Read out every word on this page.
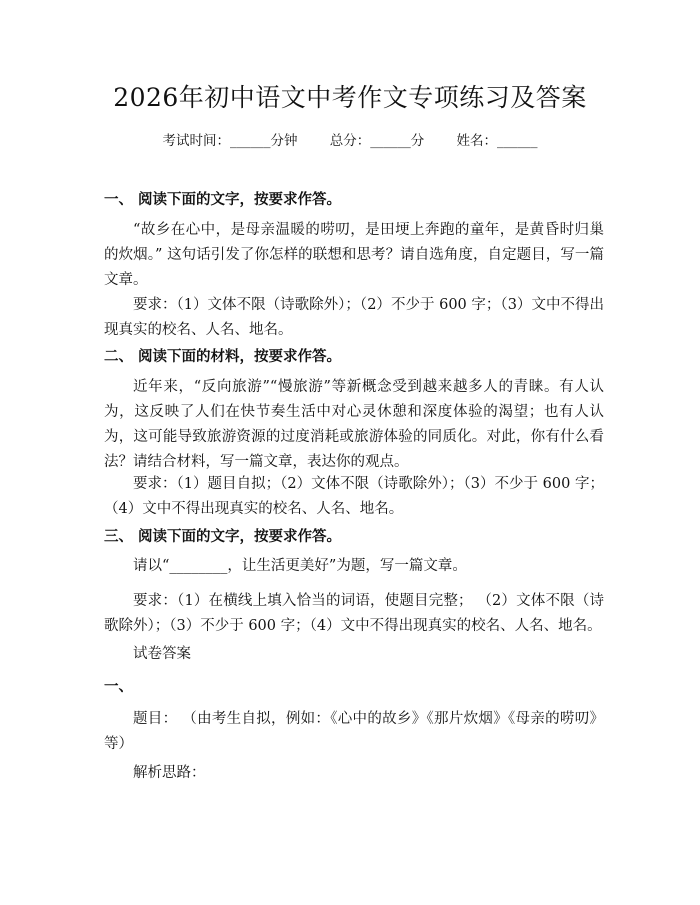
2026年初中语文中考作文专项练习及答案
考试时间：______分钟 总分：______分 姓名：______
一、 阅读下面的文字，按要求作答。
“故乡在心中，是母亲温暖的唠叨，是田埂上奔跑的童年，是黄昏时归巢的炊烟。” 这句话引发了你怎样的联想和思考？请自选角度，自定题目，写一篇文章。
要求：（1）文体不限（诗歌除外）；（2）不少于 600 字；（3）文中不得出现真实的校名、人名、地名。
二、 阅读下面的材料，按要求作答。
近年来，“反向旅游”“慢旅游”等新概念受到越来越多人的青睐。有人认为，这反映了人们在快节奏生活中对心灵休憩和深度体验的渴望；也有人认为，这可能导致旅游资源的过度消耗或旅游体验的同质化。对此，你有什么看法？请结合材料，写一篇文章，表达你的观点。
要求：（1）题目自拟；（2）文体不限（诗歌除外）；（3）不少于 600 字；（4）文中不得出现真实的校名、人名、地名。
三、 阅读下面的文字，按要求作答。
请以“________，让生活更美好”为题，写一篇文章。
要求：（1）在横线上填入恰当的词语，使题目完整； （2）文体不限（诗歌除外）；（3）不少于 600 字；（4）文中不得出现真实的校名、人名、地名。
试卷答案
一、
题目： （由考生自拟，例如：《心中的故乡》《那片炊烟》《母亲的唠叨》等）
解析思路：
